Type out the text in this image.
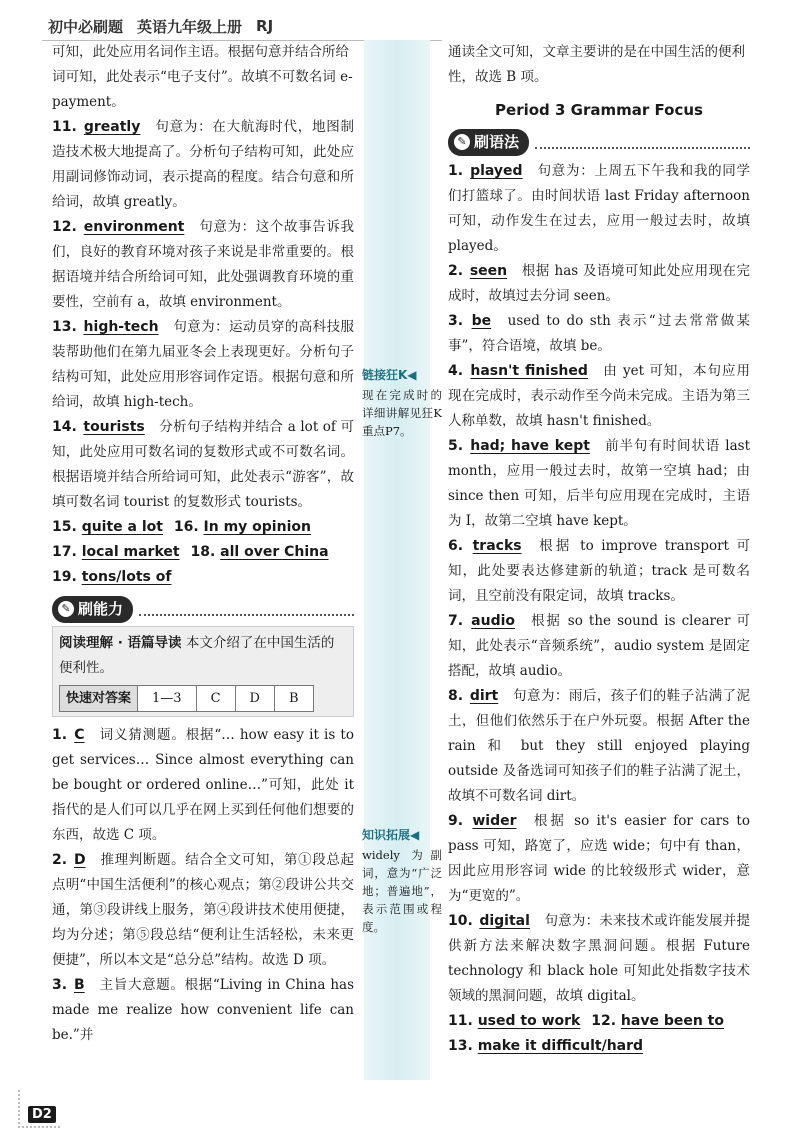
初中必刷题 英语九年级上册 RJ

可知，此处应用名词作主语。根据句意并结合所给词可知，此处表示“电子支付”。故填不可数名词 e-payment。

11. greatly 句意为：在大航海时代，地图制造技术极大地提高了。分析句子结构可知，此处应用副词修饰动词，表示提高的程度。结合句意和所给词，故填 greatly。

12. environment 句意为：这个故事告诉我们，良好的教育环境对孩子来说是非常重要的。根据语境并结合所给词可知，此处强调教育环境的重要性，空前有 a，故填 environment。

13. high-tech 句意为：运动员穿的高科技服装帮助他们在第九届亚冬会上表现更好。分析句子结构可知，此处应用形容词作定语。根据句意和所给词，故填 high-tech。

14. tourists 分析句子结构并结合 a lot of 可知，此处应用可数名词的复数形式或不可数名词。根据语境并结合所给词可知，此处表示“游客”，故填可数名词 tourist 的复数形式 tourists。

15. quite a lot 16. In my opinion

17. local market 18. all over China

19. tons/lots of

✎ 刷能力
阅读理解 · 语篇导读 本文介绍了在中国生活的便利性。
快速对答案	1—3	C	D	B

1. C 词义猜测题。根据“… how easy it is to get services… Since almost everything can be bought or ordered online…”可知，此处 it 指代的是人们可以几乎在网上买到任何他们想要的东西，故选 C 项。

2. D 推理判断题。结合全文可知，第①段总起点明“中国生活便利”的核心观点；第②段讲公共交通，第③段讲线上服务，第④段讲技术使用便捷，均为分述；第⑤段总结“便利让生活轻松，未来更便捷”，所以本文是“总分总”结构。故选 D 项。

3. B 主旨大意题。根据“Living in China has made me realize how convenient life can be.”并

链接狂K◀
现在完成时的详细讲解见狂K重点P7。
知识拓展◀
widely 为副词，意为“广泛地；普遍地”，表示范围或程度。

通读全文可知，文章主要讲的是在中国生活的便利性，故选 B 项。

Period 3 Grammar Focus
✎ 刷语法

1. played 句意为：上周五下午我和我的同学们打篮球了。由时间状语 last Friday afternoon 可知，动作发生在过去，应用一般过去时，故填 played。

2. seen 根据 has 及语境可知此处应用现在完成时，故填过去分词 seen。

3. be used to do sth 表示“过去常常做某事”，符合语境，故填 be。

4. hasn't finished 由 yet 可知，本句应用现在完成时，表示动作至今尚未完成。主语为第三人称单数，故填 hasn't finished。

5. had; have kept 前半句有时间状语 last month，应用一般过去时，故第一空填 had；由 since then 可知，后半句应用现在完成时，主语为 I，故第二空填 have kept。

6. tracks 根据 to improve transport 可知，此处要表达修建新的轨道；track 是可数名词，且空前没有限定词，故填 tracks。

7. audio 根据 so the sound is clearer 可知，此处表示“音频系统”，audio system 是固定搭配，故填 audio。

8. dirt 句意为：雨后，孩子们的鞋子沾满了泥土，但他们依然乐于在户外玩耍。根据 After the rain 和 but they still enjoyed playing outside 及备选词可知孩子们的鞋子沾满了泥土，故填不可数名词 dirt。

9. wider 根据 so it's easier for cars to pass 可知，路宽了，应选 wide；句中有 than，因此应用形容词 wide 的比较级形式 wider，意为“更宽的”。

10. digital 句意为：未来技术或许能发展并提供新方法来解决数字黑洞问题。根据 Future technology 和 black hole 可知此处指数字技术领域的黑洞问题，故填 digital。

11. used to work 12. have been to

13. make it difficult/hard

D2
